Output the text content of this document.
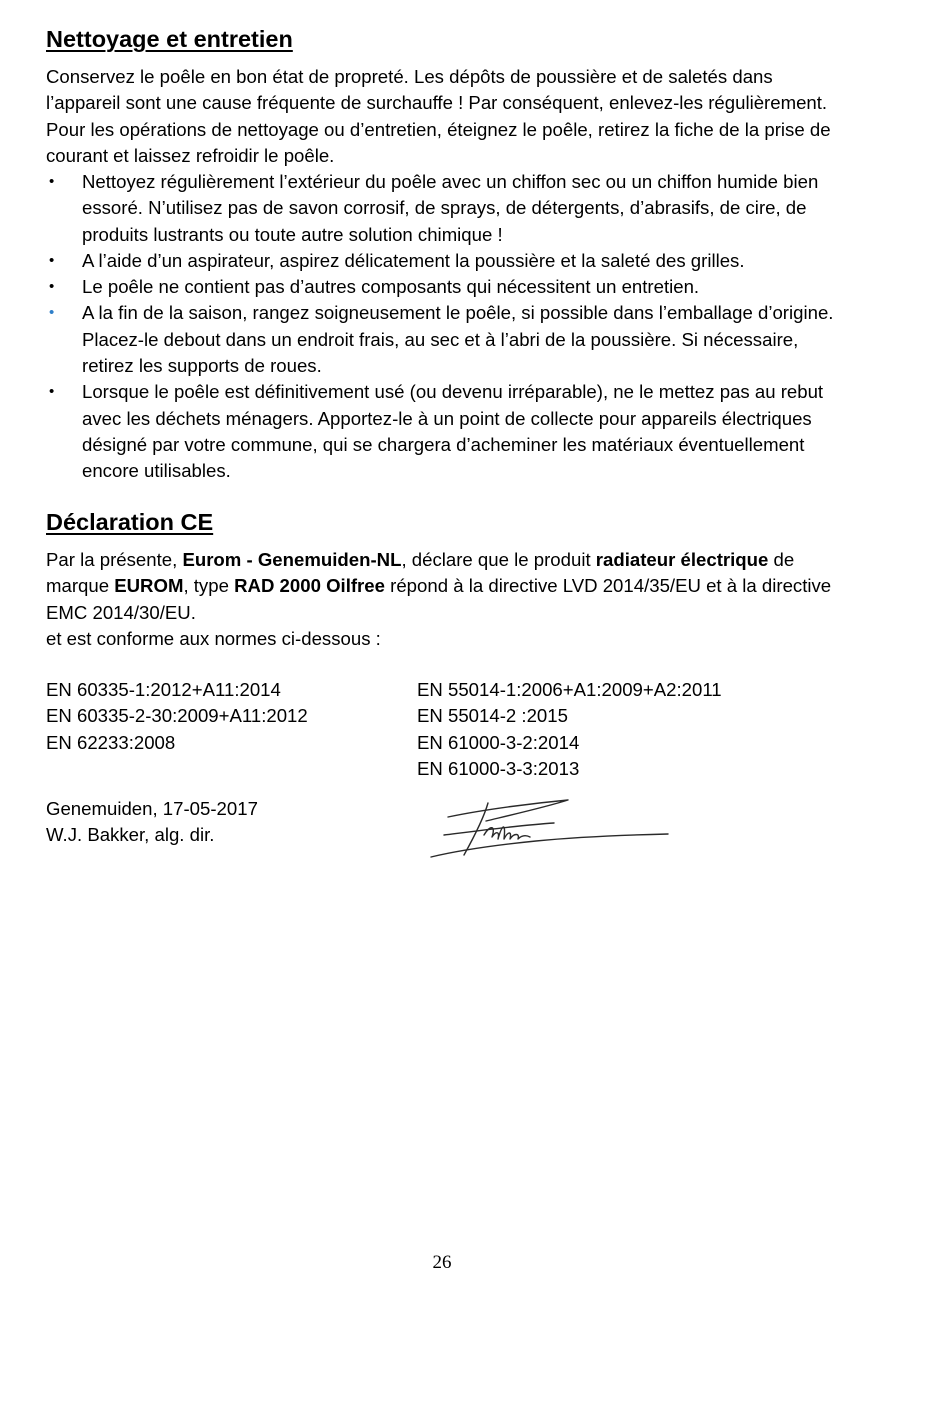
Nettoyage et entretien
Conservez le poêle en bon état de propreté. Les dépôts de poussière et de saletés dans l’appareil sont une cause fréquente de surchauffe ! Par conséquent, enlevez-les régulièrement. Pour les opérations de nettoyage ou d’entretien, éteignez le poêle, retirez la fiche de la prise de courant et laissez refroidir le poêle.
• Nettoyez régulièrement l’extérieur du poêle avec un chiffon sec ou un chiffon humide bien essoré. N’utilisez pas de savon corrosif, de sprays, de détergents, d’abrasifs, de cire, de produits lustrants ou toute autre solution chimique !
• A l’aide d’un aspirateur, aspirez délicatement la poussière et la saleté des grilles.
• Le poêle ne contient pas d’autres composants qui nécessitent un entretien.
• A la fin de la saison, rangez soigneusement le poêle, si possible dans l’emballage d’origine. Placez-le debout dans un endroit frais, au sec et à l’abri de la poussière. Si nécessaire, retirez les supports de roues.
• Lorsque le poêle est définitivement usé (ou devenu irréparable), ne le mettez pas au rebut avec les déchets ménagers. Apportez-le à un point de collecte pour appareils électriques désigné par votre commune, qui se chargera d’acheminer les matériaux éventuellement encore utilisables.
Déclaration CE
Par la présente, Eurom - Genemuiden-NL, déclare que le produit radiateur électrique de marque EUROM, type RAD 2000 Oilfree répond à la directive LVD 2014/35/EU et à la directive EMC 2014/30/EU.
et est conforme aux normes ci-dessous :
EN 60335-1:2012+A11:2014
EN 60335-2-30:2009+A11:2012
EN 62233:2008
EN 55014-1:2006+A1:2009+A2:2011
EN 55014-2 :2015
EN 61000-3-2:2014
EN 61000-3-3:2013
Genemuiden, 17-05-2017
W.J. Bakker, alg. dir.
26
